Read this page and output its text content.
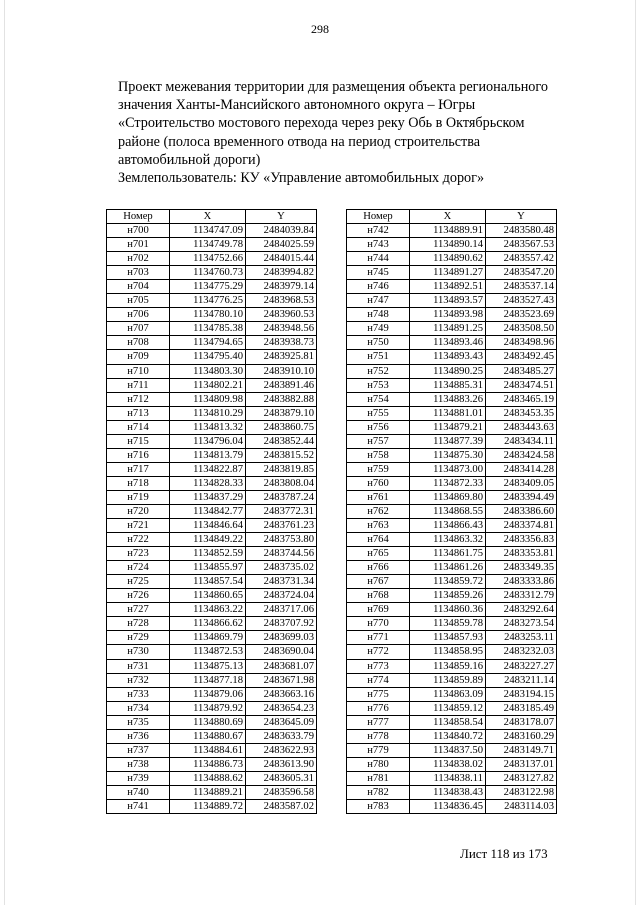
298
Проект межевания территории для размещения объекта регионального
значения Ханты-Мансийского автономного округа – Югры
«Строительство мостового перехода через реку Обь в Октябрьском
районе (полоса временного отвода на период строительства
автомобильной дороги)
Землепользователь: КУ «Управление автомобильных дорог»
Номер	X	Y
н700	1134747.09	2484039.84
н701	1134749.78	2484025.59
н702	1134752.66	2484015.44
н703	1134760.73	2483994.82
н704	1134775.29	2483979.14
н705	1134776.25	2483968.53
н706	1134780.10	2483960.53
н707	1134785.38	2483948.56
н708	1134794.65	2483938.73
н709	1134795.40	2483925.81
н710	1134803.30	2483910.10
н711	1134802.21	2483891.46
н712	1134809.98	2483882.88
н713	1134810.29	2483879.10
н714	1134813.32	2483860.75
н715	1134796.04	2483852.44
н716	1134813.79	2483815.52
н717	1134822.87	2483819.85
н718	1134828.33	2483808.04
н719	1134837.29	2483787.24
н720	1134842.77	2483772.31
н721	1134846.64	2483761.23
н722	1134849.22	2483753.80
н723	1134852.59	2483744.56
н724	1134855.97	2483735.02
н725	1134857.54	2483731.34
н726	1134860.65	2483724.04
н727	1134863.22	2483717.06
н728	1134866.62	2483707.92
н729	1134869.79	2483699.03
н730	1134872.53	2483690.04
н731	1134875.13	2483681.07
н732	1134877.18	2483671.98
н733	1134879.06	2483663.16
н734	1134879.92	2483654.23
н735	1134880.69	2483645.09
н736	1134880.67	2483633.79
н737	1134884.61	2483622.93
н738	1134886.73	2483613.90
н739	1134888.62	2483605.31
н740	1134889.21	2483596.58
н741	1134889.72	2483587.02
Номер	X	Y
н742	1134889.91	2483580.48
н743	1134890.14	2483567.53
н744	1134890.62	2483557.42
н745	1134891.27	2483547.20
н746	1134892.51	2483537.14
н747	1134893.57	2483527.43
н748	1134893.98	2483523.69
н749	1134891.25	2483508.50
н750	1134893.46	2483498.96
н751	1134893.43	2483492.45
н752	1134890.25	2483485.27
н753	1134885.31	2483474.51
н754	1134883.26	2483465.19
н755	1134881.01	2483453.35
н756	1134879.21	2483443.63
н757	1134877.39	2483434.11
н758	1134875.30	2483424.58
н759	1134873.00	2483414.28
н760	1134872.33	2483409.05
н761	1134869.80	2483394.49
н762	1134868.55	2483386.60
н763	1134866.43	2483374.81
н764	1134863.32	2483356.83
н765	1134861.75	2483353.81
н766	1134861.26	2483349.35
н767	1134859.72	2483333.86
н768	1134859.26	2483312.79
н769	1134860.36	2483292.64
н770	1134859.78	2483273.54
н771	1134857.93	2483253.11
н772	1134858.95	2483232.03
н773	1134859.16	2483227.27
н774	1134859.89	2483211.14
н775	1134863.09	2483194.15
н776	1134859.12	2483185.49
н777	1134858.54	2483178.07
н778	1134840.72	2483160.29
н779	1134837.50	2483149.71
н780	1134838.02	2483137.01
н781	1134838.11	2483127.82
н782	1134838.43	2483122.98
н783	1134836.45	2483114.03
Лист 118 из 173
